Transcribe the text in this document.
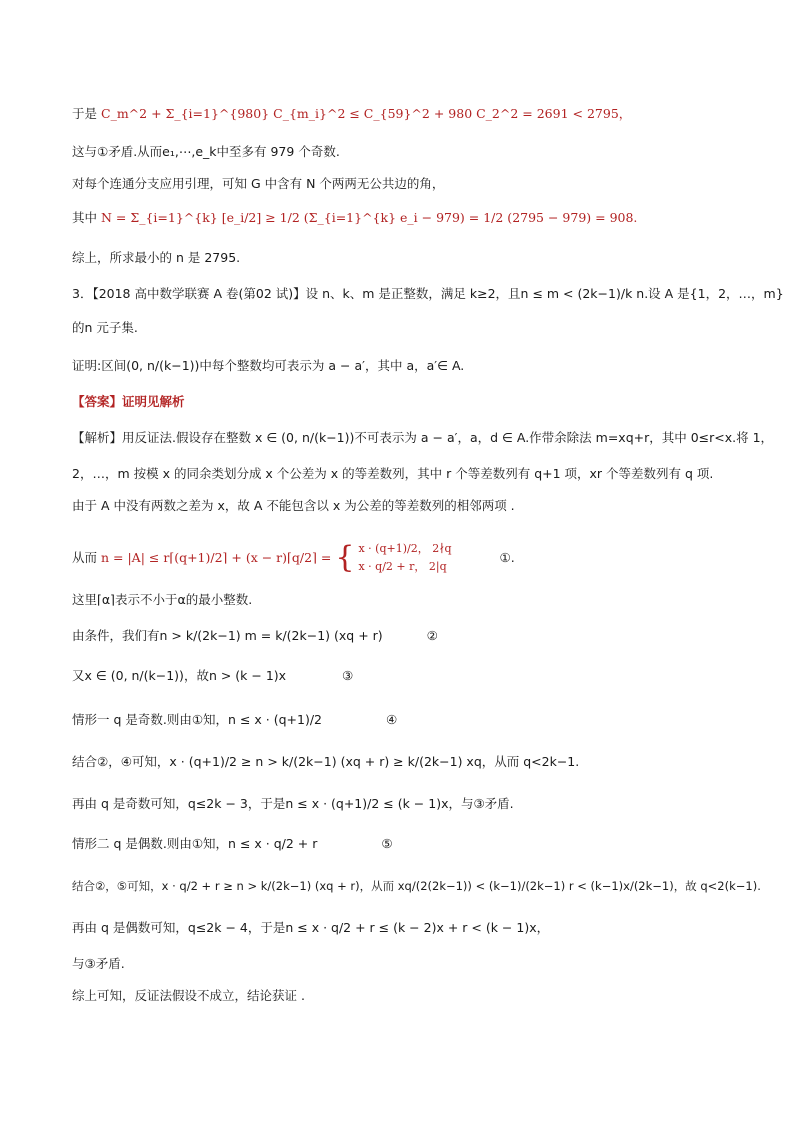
于是 C_m^2 + Σ_{i=1}^{980} C_{m_i}^2 ≤ C_{59}^2 + 980 C_2^2 = 2691 < 2795，
这与①矛盾.从而e₁,⋯,e_k中至多有 979 个奇数.
对每个连通分支应用引理，可知 G 中含有 N 个两两无公共边的角，
其中 N = Σ_{i=1}^{k} [e_i/2] ≥ 1/2 (Σ_{i=1}^{k} e_i − 979) = 1/2 (2795 − 979) = 908.
综上，所求最小的 n 是 2795.
3．【2018 高中数学联赛 A 卷(第02 试)】设 n、k、m 是正整数，满足 k≥2，且n ≤ m < (2k−1)/k n.设 A 是{1，2，…，m}
的n 元子集.
证明:区间(0, n/(k−1))中每个整数均可表示为 a − a′，其中 a，a′∈ A.
【答案】证明见解析
【解析】用反证法.假设存在整数 x ∈ (0, n/(k−1))不可表示为 a − a′，a，d ∈ A.作带余除法 m=xq+r，其中 0≤r<x.将 1，
2，…，m 按模 x 的同余类划分成 x 个公差为 x 的等差数列，其中 r 个等差数列有 q+1 项，xr 个等差数列有 q 项.
由于 A 中没有两数之差为 x，故 A 不能包含以 x 为公差的等差数列的相邻两项 .
从而 n = |A| ≤ r⌈(q+1)/2⌉ + (x − r)⌈q/2⌉ = { x · (q+1)/2， 2∤q
x · q/2 + r， 2|q
①.
这里⌈α⌉表示不小于α的最小整数.
由条件，我们有n > k/(2k−1) m = k/(2k−1) (xq + r)	②
又x ∈ (0, n/(k−1))，故n > (k − 1)x	③
情形一 q 是奇数.则由①知，n ≤ x · (q+1)/2	④
结合②，④可知，x · (q+1)/2 ≥ n > k/(2k−1) (xq + r) ≥ k/(2k−1) xq，从而 q<2k−1.
再由 q 是奇数可知，q≤2k − 3，于是n ≤ x · (q+1)/2 ≤ (k − 1)x，与③矛盾.
情形二 q 是偶数.则由①知，n ≤ x · q/2 + r	⑤
结合②，⑤可知，x · q/2 + r ≥ n > k/(2k−1) (xq + r)，从而 xq/(2(2k−1)) < (k−1)/(2k−1) r < (k−1)x/(2k−1)，故 q<2(k−1).
再由 q 是偶数可知，q≤2k − 4，于是n ≤ x · q/2 + r ≤ (k − 2)x + r < (k − 1)x，
与③矛盾.
综上可知，反证法假设不成立，结论获证 .
